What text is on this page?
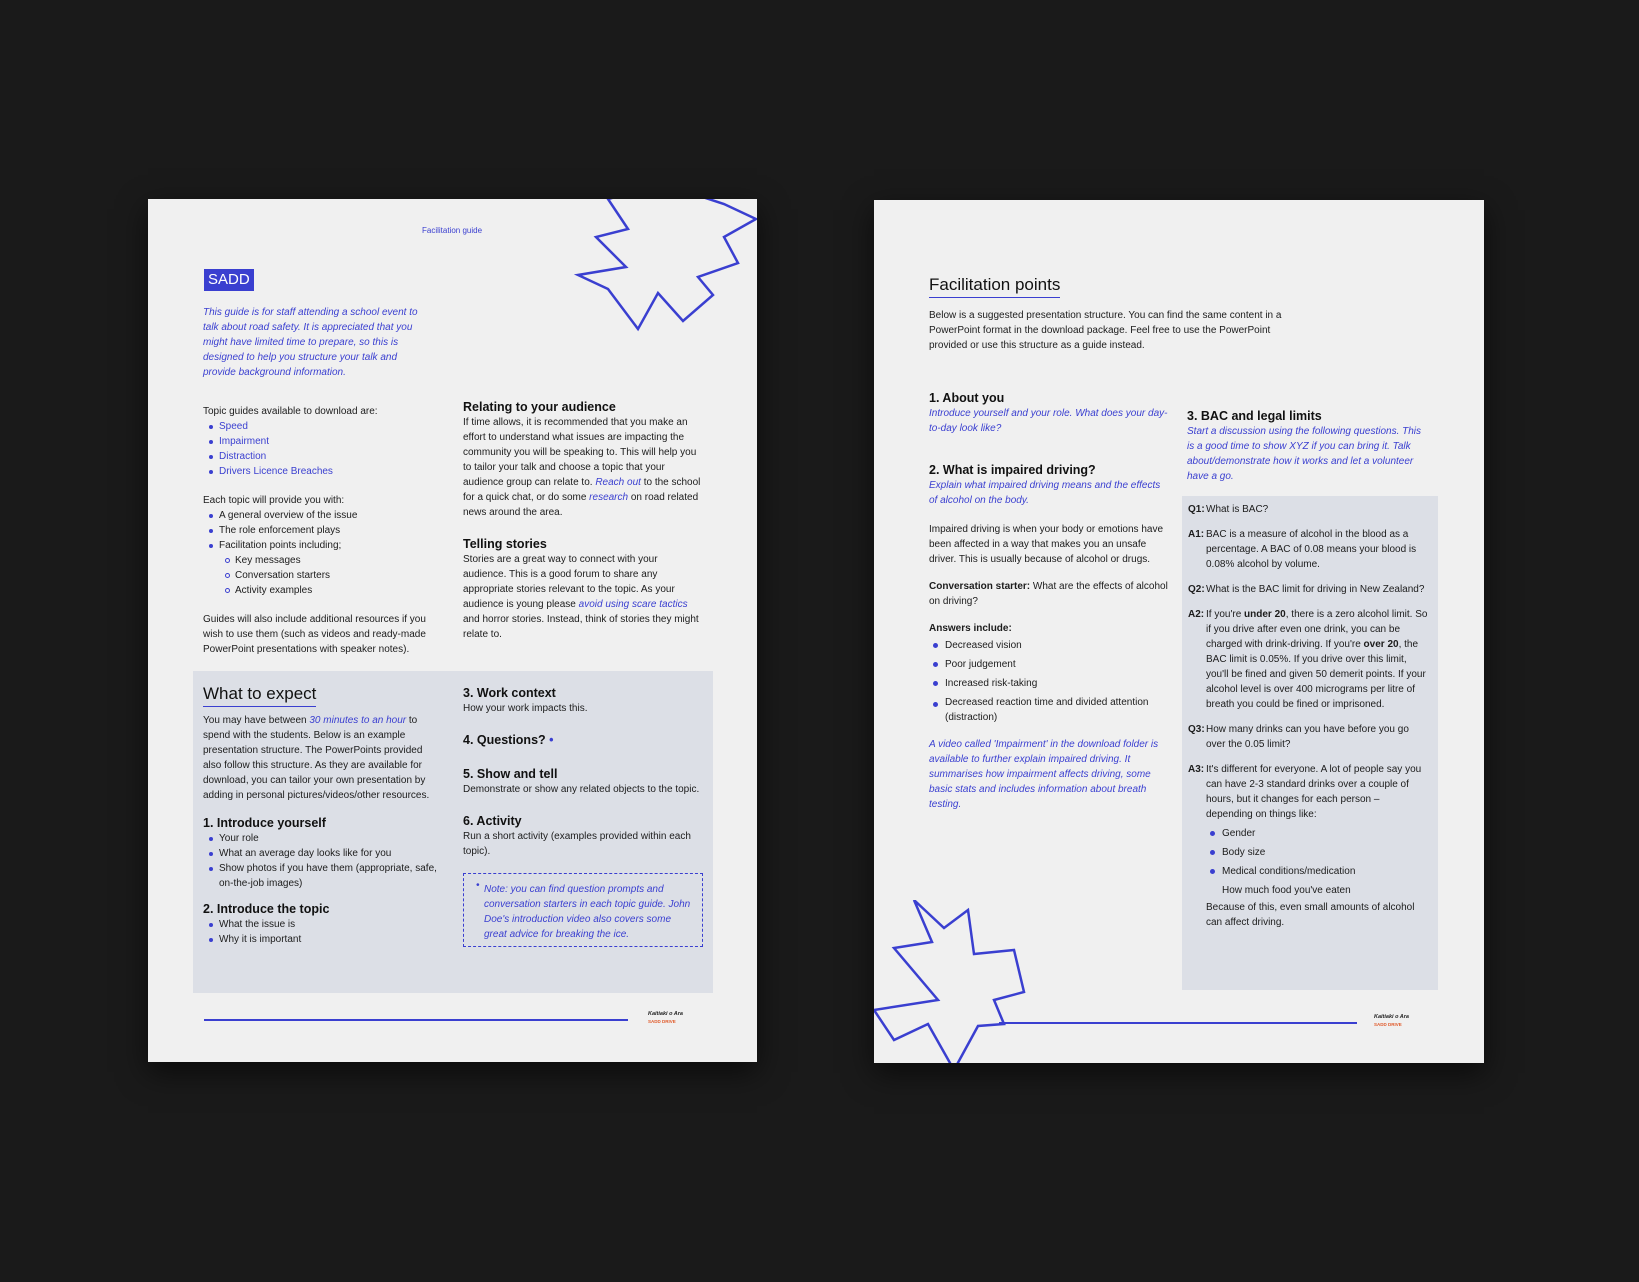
Facilitation guide
SADD
This guide is for staff attending a school event to talk about road safety. It is appreciated that you might have limited time to prepare, so this is designed to help you structure your talk and provide background information.
Topic guides available to download are:
Speed
Impairment
Distraction
Drivers Licence Breaches
Each topic will provide you with:
A general overview of the issue
The role enforcement plays
Facilitation points including;
Key messages
Conversation starters
Activity examples
Guides will also include additional resources if you wish to use them (such as videos and ready-made PowerPoint presentations with speaker notes).
Relating to your audience
If time allows, it is recommended that you make an effort to understand what issues are impacting the community you will be speaking to. This will help you to tailor your talk and choose a topic that your audience group can relate to. Reach out to the school for a quick chat, or do some research on road related news around the area.
Telling stories
Stories are a great way to connect with your audience. This is a good forum to share any appropriate stories relevant to the topic. As your audience is young please avoid using scare tactics and horror stories. Instead, think of stories they might relate to.
What to expect
You may have between 30 minutes to an hour to spend with the students. Below is an example presentation structure. The PowerPoints provided also follow this structure. As they are available for download, you can tailor your own presentation by adding in personal pictures/videos/other resources.
1. Introduce yourself
Your role
What an average day looks like for you
Show photos if you have them (appropriate, safe, on-the-job images)
2. Introduce the topic
What the issue is
Why it is important
3. Work context
How your work impacts this.
4. Questions? •
5. Show and tell
Demonstrate or show any related objects to the topic.
6. Activity
Run a short activity (examples provided within each topic).
• Note: you can find question prompts and conversation starters in each topic guide. John Doe's introduction video also covers some great advice for breaking the ice.
Kaitiaki o Ara
SADD DRIVE
Facilitation points
Below is a suggested presentation structure. You can find the same content in a PowerPoint format in the download package. Feel free to use the PowerPoint provided or use this structure as a guide instead.
1. About you
Introduce yourself and your role. What does your day-to-day look like?
2. What is impaired driving?
Explain what impaired driving means and the effects of alcohol on the body.
Impaired driving is when your body or emotions have been affected in a way that makes you an unsafe driver. This is usually because of alcohol or drugs.
Conversation starter: What are the effects of alcohol on driving?
Answers include:
Decreased vision
Poor judgement
Increased risk-taking
Decreased reaction time and divided attention (distraction)
A video called 'Impairment' in the download folder is available to further explain impaired driving. It summarises how impairment affects driving, some basic stats and includes information about breath testing.
3. BAC and legal limits
Start a discussion using the following questions. This is a good time to show XYZ if you can bring it. Talk about/demonstrate how it works and let a volunteer have a go.
Q1: What is BAC?
A1: BAC is a measure of alcohol in the blood as a percentage. A BAC of 0.08 means your blood is 0.08% alcohol by volume.
Q2: What is the BAC limit for driving in New Zealand?
A2: If you're under 20, there is a zero alcohol limit. So if you drive after even one drink, you can be charged with drink-driving. If you're over 20, the BAC limit is 0.05%. If you drive over this limit, you'll be fined and given 50 demerit points. If your alcohol level is over 400 micrograms per litre of breath you could be fined or imprisoned.
Q3: How many drinks can you have before you go over the 0.05 limit?
A3: It's different for everyone. A lot of people say you can have 2-3 standard drinks over a couple of hours, but it changes for each person – depending on things like:
Gender
Body size
Medical conditions/medication
How much food you've eaten
Because of this, even small amounts of alcohol can affect driving.
Kaitiaki o Ara
SADD DRIVE
